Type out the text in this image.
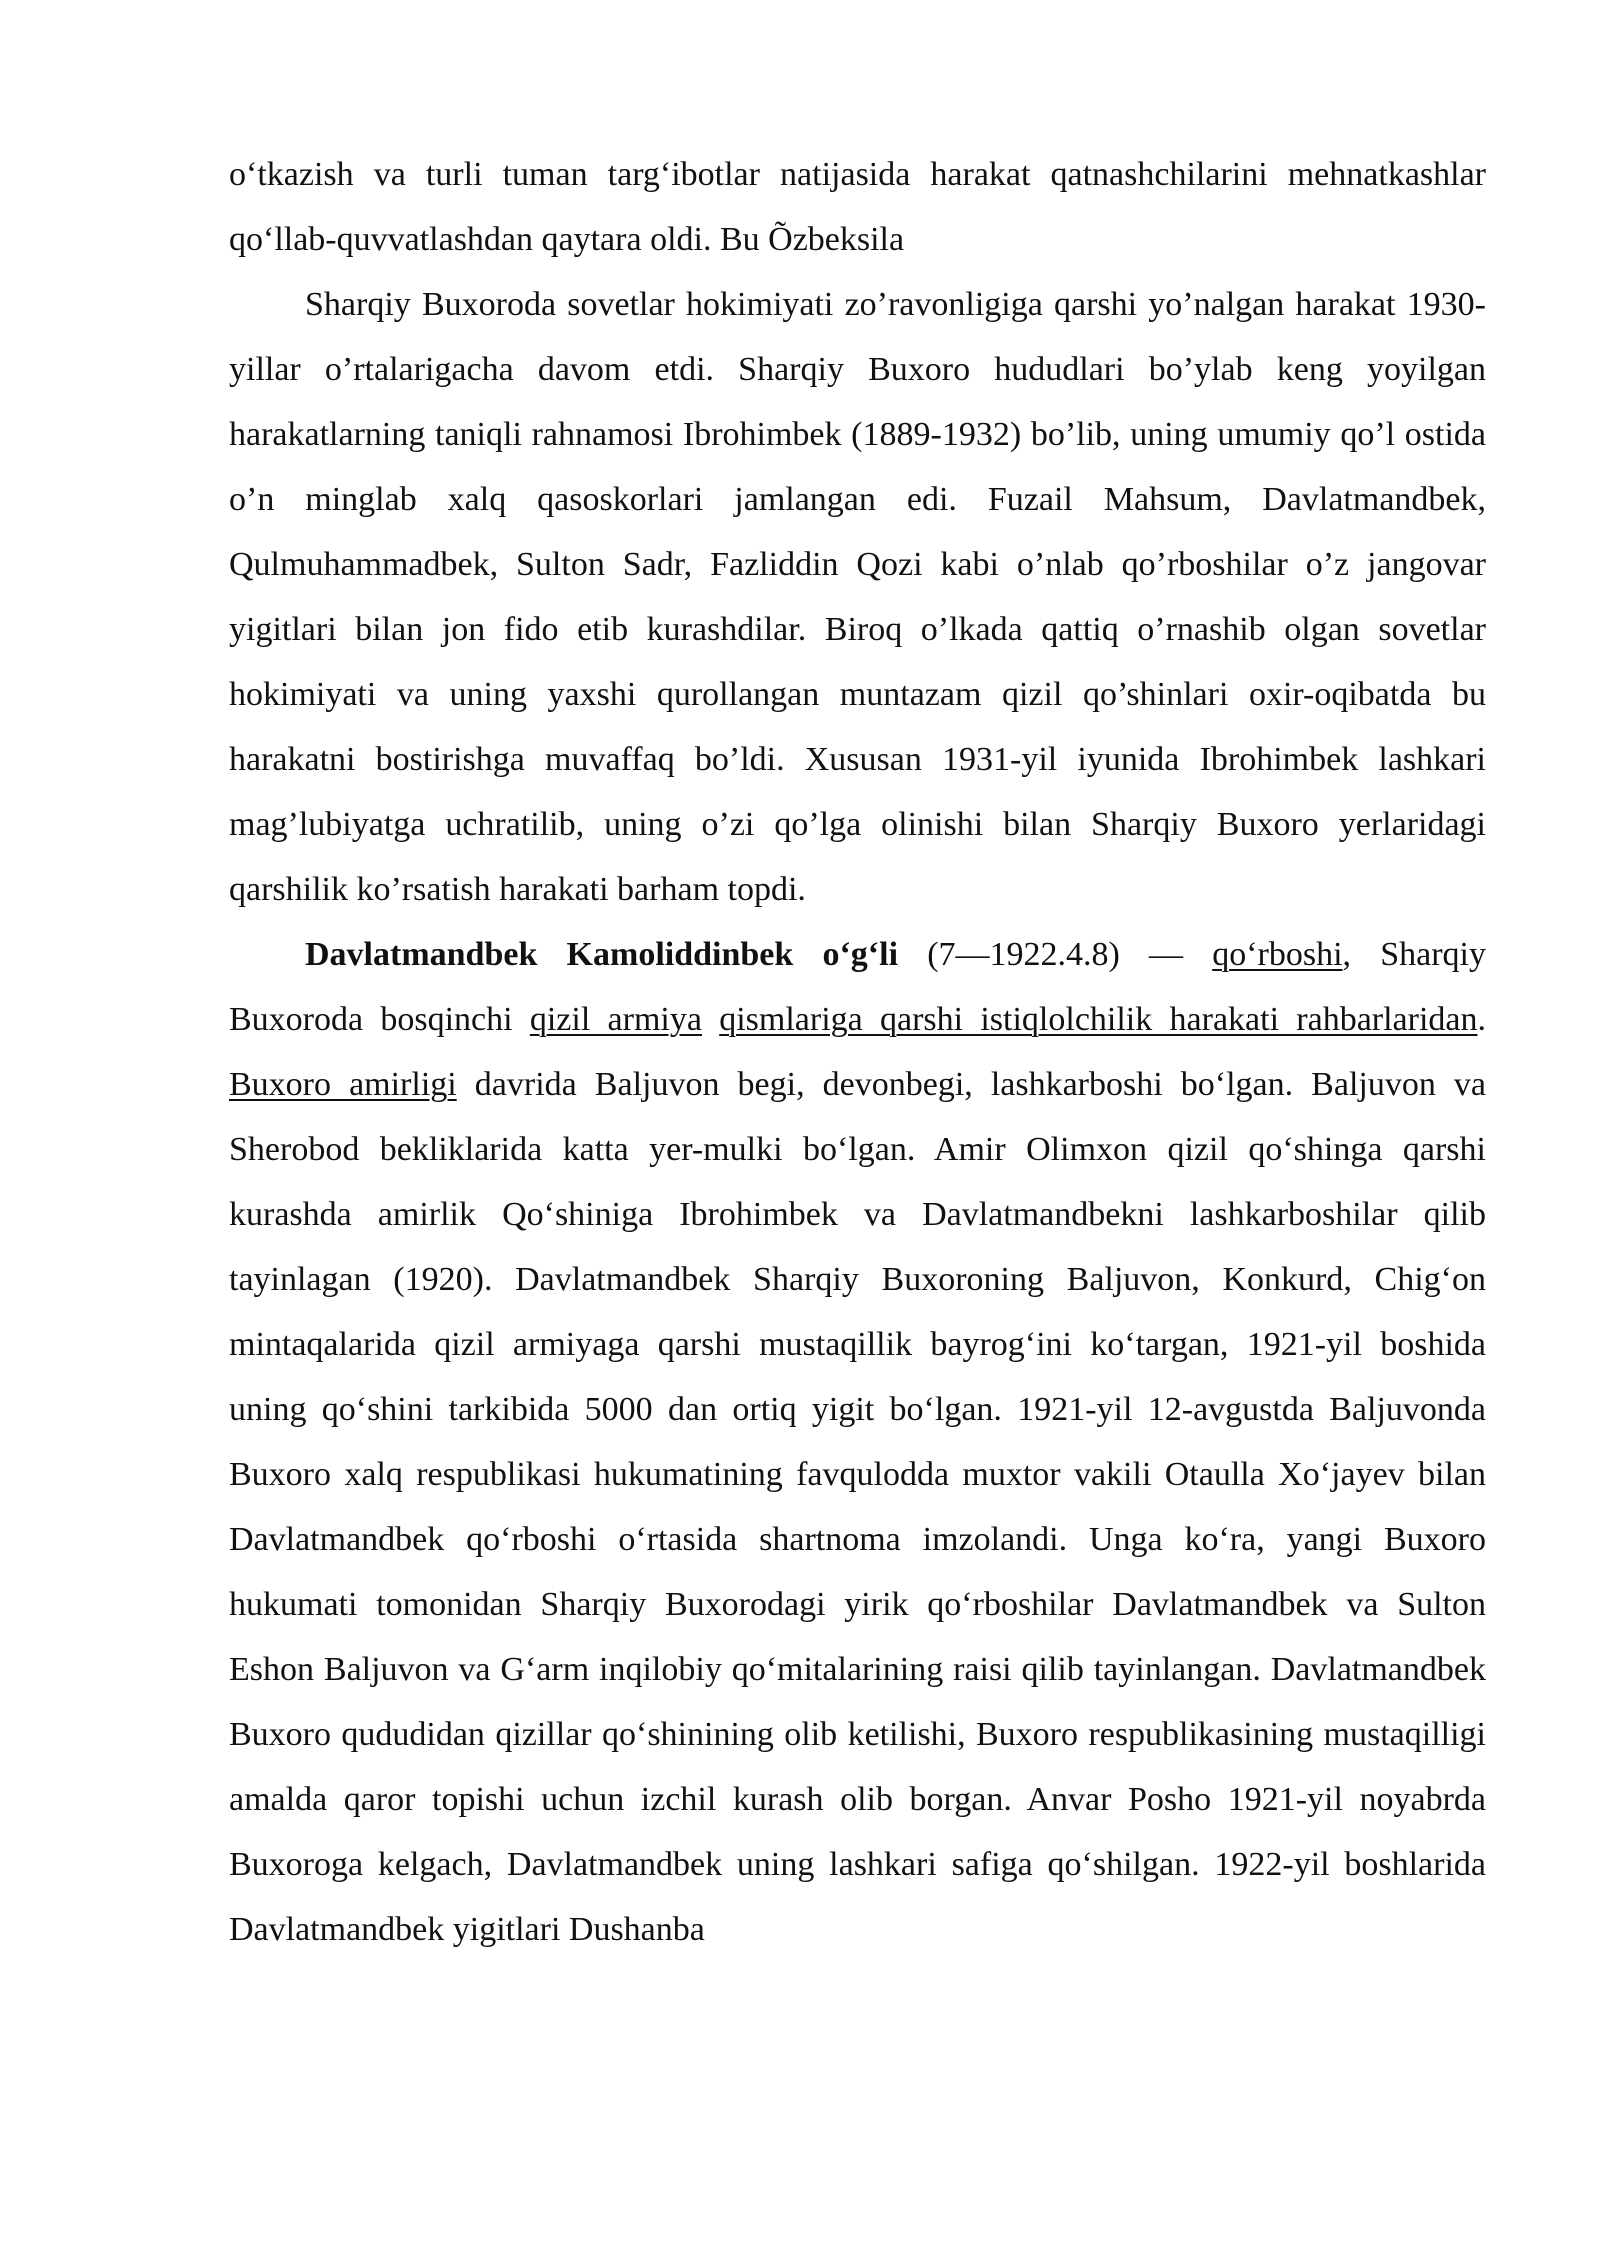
o‘tkazish va turli tuman targ‘ibotlar natijasida harakat qatnashchilarini mehnatkashlar qo‘llab-quvvatlashdan qaytara oldi. Bu Õzbeksila

Sharqiy Buxoroda sovetlar hokimiyati zo’ravonligiga qarshi yo’nalgan harakat 1930-yillar o’rtalarigacha davom etdi. Sharqiy Buxoro hududlari bo’ylab keng yoyilgan harakatlarning taniqli rahnamosi Ibrohimbek (1889-1932) bo’lib, uning umumiy qo’l ostida o’n minglab xalq qasoskorlari jamlangan edi. Fuzail Mahsum, Davlatmandbek, Qulmuhammadbek, Sulton Sadr, Fazliddin Qozi kabi o’nlab qo’rboshilar o’z jangovar yigitlari bilan jon fido etib kurashdilar. Biroq o’lkada qattiq o’rnashib olgan sovetlar hokimiyati va uning yaxshi qurollangan muntazam qizil qo’shinlari oxir-oqibatda bu harakatni bostirishga muvaffaq bo’ldi. Xususan 1931-yil iyunida Ibrohimbek lashkari mag’lubiyatga uchratilib, uning o’zi qo’lga olinishi bilan Sharqiy Buxoro yerlaridagi qarshilik ko’rsatish harakati barham topdi.

Davlatmandbek Kamoliddinbek o‘g‘li (7—1922.4.8) — qo‘rboshi, Sharqiy Buxoroda bosqinchi qizil armiya qismlariga qarshi istiqlolchilik harakati rahbarlaridan. Buxoro amirligi davrida Baljuvon begi, devonbegi, lashkarboshi bo‘lgan. Baljuvon va Sherobod bekliklarida katta yer-mulki bo‘lgan. Amir Olimxon qizil qo‘shinga qarshi kurashda amirlik Qo‘shiniga Ibrohimbek va Davlatmandbekni lashkarboshilar qilib tayinlagan (1920). Davlatmandbek Sharqiy Buxoroning Baljuvon, Konkurd, Chig‘on mintaqalarida qizil armiyaga qarshi mustaqillik bayrog‘ini ko‘targan, 1921-yil boshida uning qo‘shini tarkibida 5000 dan ortiq yigit bo‘lgan. 1921-yil 12-avgustda Baljuvonda Buxoro xalq respublikasi hukumatining favqulodda muxtor vakili Otaulla Xo‘jayev bilan Davlatmandbek qo‘rboshi o‘rtasida shartnoma imzolandi. Unga ko‘ra, yangi Buxoro hukumati tomonidan Sharqiy Buxorodagi yirik qo‘rboshilar Davlatmandbek va Sulton Eshon Baljuvon va G‘arm inqilobiy qo‘mitalarining raisi qilib tayinlangan. Davlatmandbek Buxoro qududidan qizillar qo‘shinining olib ketilishi, Buxoro respublikasining mustaqilligi amalda qaror topishi uchun izchil kurash olib borgan. Anvar Posho 1921-yil noyabrda Buxoroga kelgach, Davlatmandbek uning lashkari safiga qo‘shilgan. 1922-yil boshlarida Davlatmandbek yigitlari Dushanba
